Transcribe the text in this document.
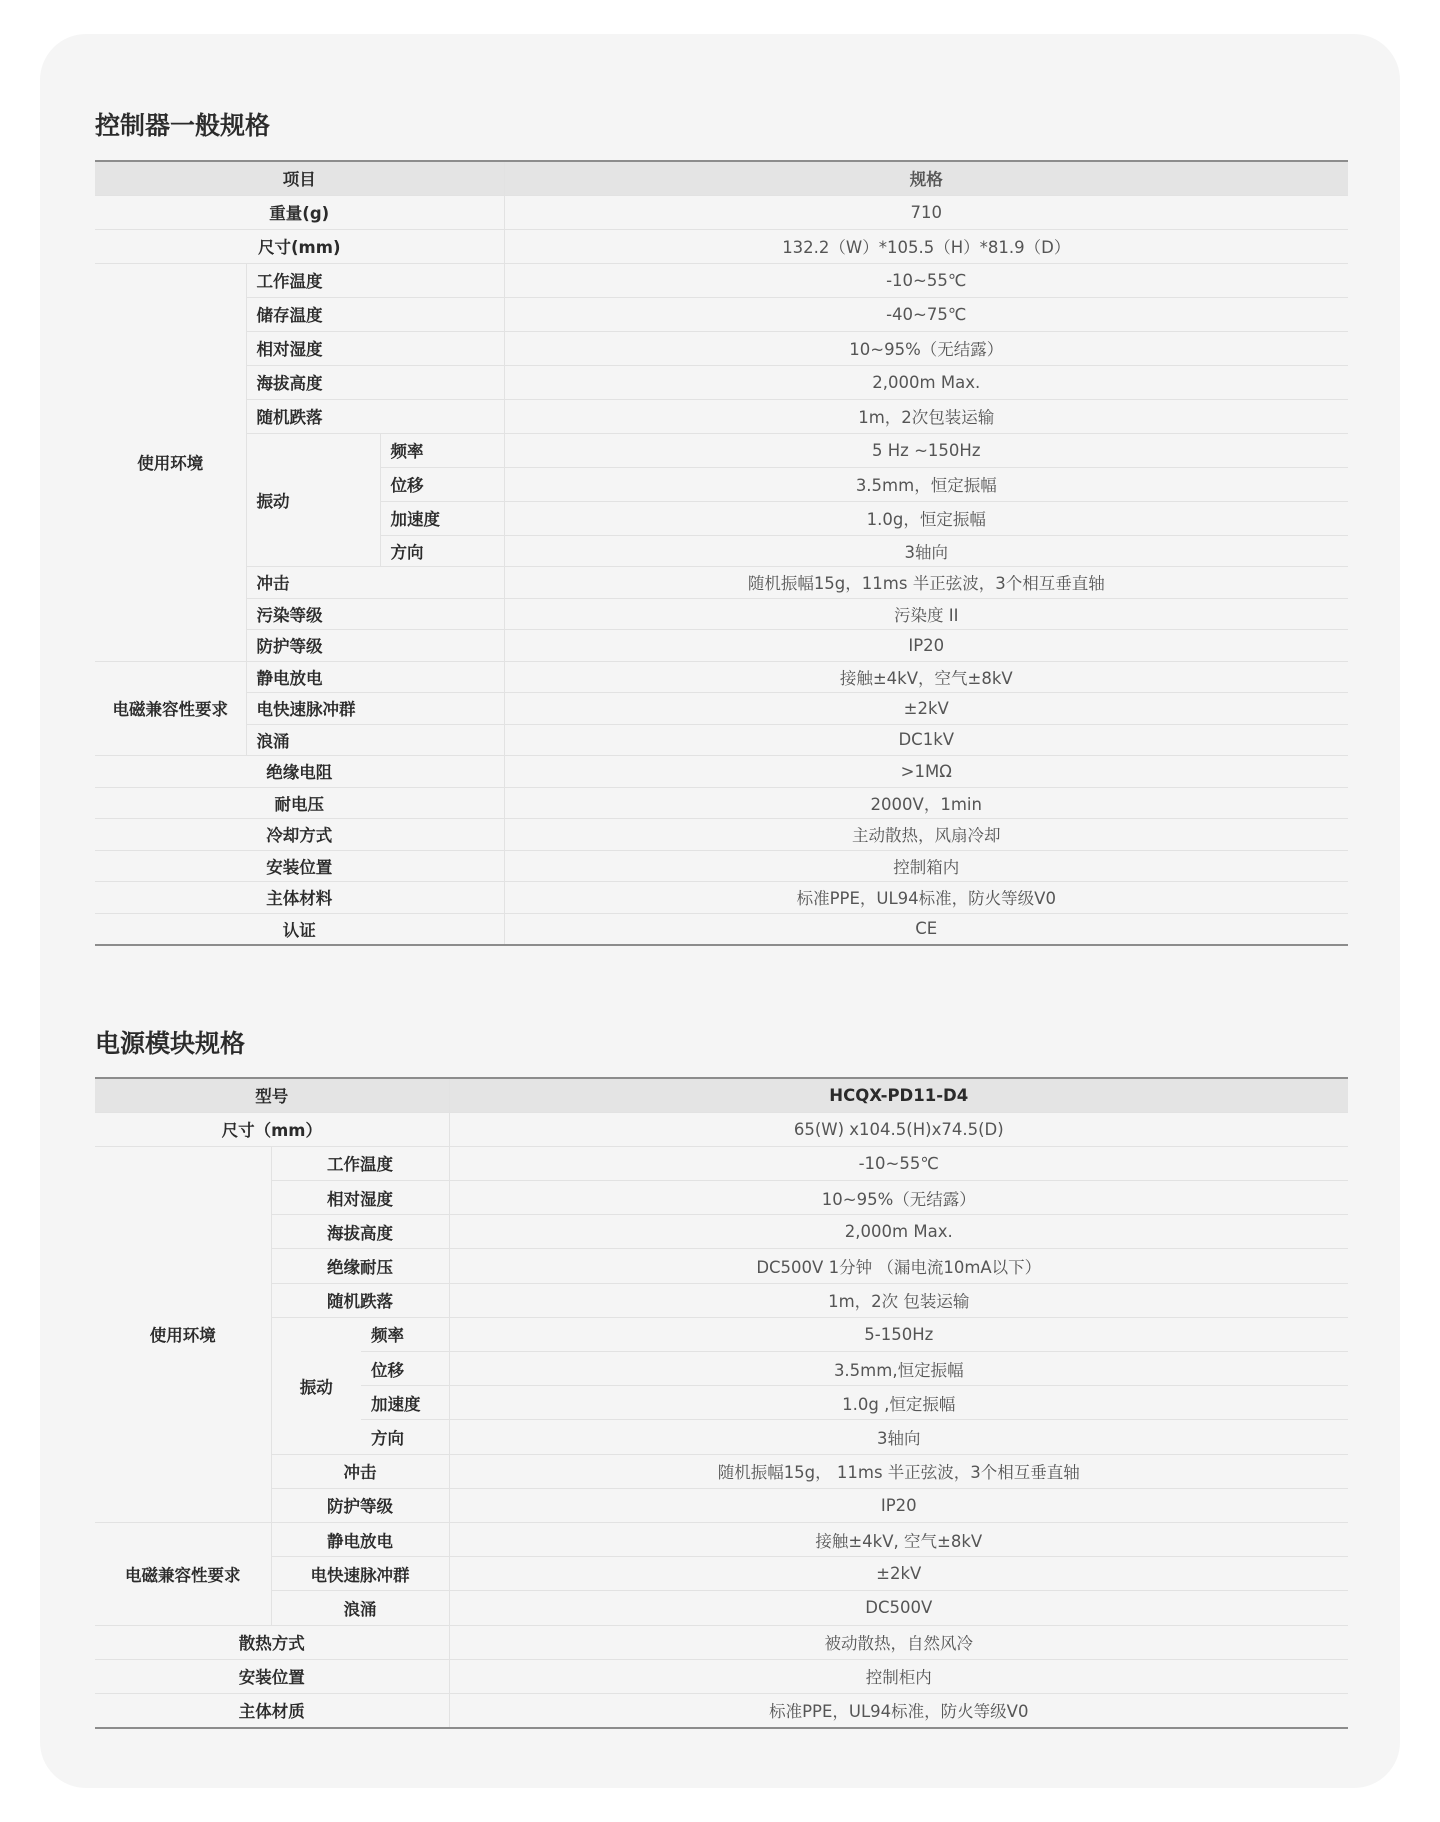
控制器一般规格
项目			规格
重量(g)			710
尺寸(mm)			132.2（W）*105.5（H）*81.9（D）
使用环境	工作温度		-10~55℃
	储存温度		-40~75℃
	相对湿度		10~95%（无结露）
	海拔高度		2,000m Max.
	随机跌落		1m，2次包装运输
	振动	频率	5 Hz ~150Hz
		位移	3.5mm，恒定振幅
		加速度	1.0g，恒定振幅
		方向	3轴向
	冲击		随机振幅15g，11ms 半正弦波，3个相互垂直轴
	污染等级		污染度 II
	防护等级		IP20
电磁兼容性要求	静电放电		接触±4kV，空气±8kV
	电快速脉冲群		±2kV
	浪涌		DC1kV
绝缘电阻			>1MΩ
耐电压			2000V，1min
冷却方式			主动散热，风扇冷却
安装位置			控制箱内
主体材料			标准PPE，UL94标准，防火等级V0
认证			CE
电源模块规格
型号			HCQX-PD11-D4
尺寸（mm）			65(W) x104.5(H)x74.5(D)
使用环境	工作温度		-10~55℃
	相对湿度		10~95%（无结露）
	海拔高度		2,000m Max.
	绝缘耐压		DC500V 1分钟 （漏电流10mA以下）
	随机跌落		1m，2次 包装运输
	振动	频率	5-150Hz
		位移	3.5mm,恒定振幅
		加速度	1.0g ,恒定振幅
		方向	3轴向
	冲击		随机振幅15g， 11ms 半正弦波，3个相互垂直轴
	防护等级		IP20
电磁兼容性要求	静电放电		接触±4kV, 空气±8kV
	电快速脉冲群		±2kV
	浪涌		DC500V
散热方式			被动散热，自然风冷
安装位置			控制柜内
主体材质			标准PPE，UL94标准，防火等级V0
